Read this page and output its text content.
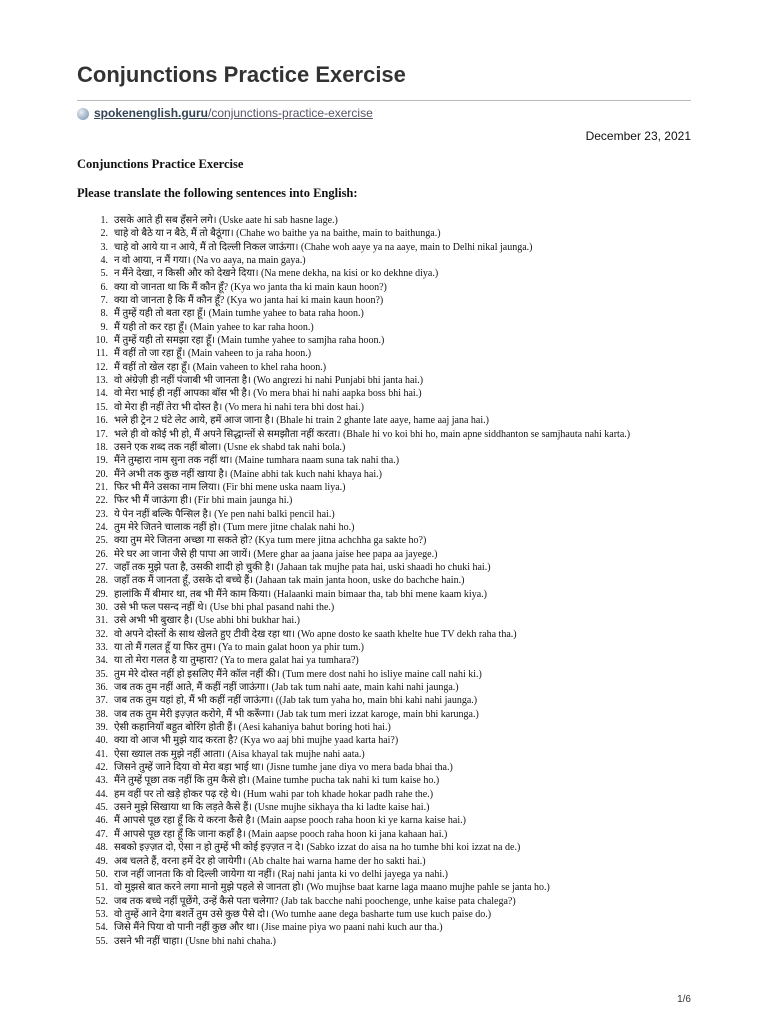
Conjunctions Practice Exercise
spokenenglish.guru /conjunctions-practice-exercise
December 23, 2021
Conjunctions Practice Exercise
Please translate the following sentences into English:
1. उसके आते ही सब हँसने लगे। (Uske aate hi sab hasne lage.)
2. चाहे वो बैठे या न बैठे, मैं तो बैठूंगा। (Chahe wo baithe ya na baithe, main to baithunga.)
3. चाहे वो आये या न आये, मैं तो दिल्ली निकल जाऊंगा। (Chahe woh aaye ya na aaye, main to Delhi nikal jaunga.)
4. न वो आया, न मैं गया। (Na vo aaya, na main gaya.)
5. न मैंने देखा, न किसी और को देखने दिया। (Na mene dekha, na kisi or ko dekhne diya.)
6. क्या वो जानता था कि मैं कौन हूँ? (Kya wo janta tha ki main kaun hoon?)
7. क्या वो जानता है कि मैं कौन हूँ? (Kya wo janta hai ki main kaun hoon?)
8. मैं तुम्हें यही तो बता रहा हूँ। (Main tumhe yahee to bata raha hoon.)
9. मैं यही तो कर रहा हूँ। (Main yahee to kar raha hoon.)
10. मैं तुम्हें यही तो समझा रहा हूँ। (Main tumhe yahee to samjha raha hoon.)
11. मैं वहीं तो जा रहा हूँ। (Main vaheen to ja raha hoon.)
12. मैं वहीं तो खेल रहा हूँ। (Main vaheen to khel raha hoon.)
13. वो अंग्रेज़ी ही नहीं पंजाबी भी जानता है। (Wo angrezi hi nahi Punjabi bhi janta hai.)
14. वो मेरा भाई ही नहीं आपका बॉस भी है। (Vo mera bhai hi nahi aapka boss bhi hai.)
15. वो मेरा ही नहीं तेरा भी दोस्त है। (Vo mera hi nahi tera bhi dost hai.)
16. भले ही ट्रेन 2 घंटे लेट आये, हमें आज जाना है। (Bhale hi train 2 ghante late aaye, hame aaj jana hai.)
17. भले ही वो कोई भी हो, मैं अपने सिद्धान्तों से समझौता नहीं करता। (Bhale hi vo koi bhi ho, main apne siddhanton se samjhauta nahi karta.)
18. उसने एक शब्द तक नहीं बोला। (Usne ek shabd tak nahi bola.)
19. मैंने तुम्हारा नाम सुना तक नहीं था। (Maine tumhara naam suna tak nahi tha.)
20. मैंने अभी तक कुछ नहीं खाया है। (Maine abhi tak kuch nahi khaya hai.)
21. फिर भी मैंने उसका नाम लिया। (Fir bhi mene uska naam liya.)
22. फिर भी मैं जाऊंगा ही। (Fir bhi main jaunga hi.)
23. ये पेन नहीं बल्कि पैन्सिल है। (Ye pen nahi balki pencil hai.)
24. तुम मेरे जितने चालाक नहीं हो। (Tum mere jitne chalak nahi ho.)
25. क्या तुम मेरे जितना अच्छा गा सकते हो? (Kya tum mere jitna achchha ga sakte ho?)
26. मेरे घर आ जाना जैसे ही पापा आ जायें। (Mere ghar aa jaana jaise hee papa aa jayege.)
27. जहाँ तक मुझे पता है, उसकी शादी हो चुकी है। (Jahaan tak mujhe pata hai, uski shaadi ho chuki hai.)
28. जहाँ तक मैं जानता हूँ, उसके दो बच्चे हैं। (Jahaan tak main janta hoon, uske do bachche hain.)
29. हालांकि मैं बीमार था, तब भी मैंने काम किया। (Halaanki main bimaar tha, tab bhi mene kaam kiya.)
30. उसे भी फल पसन्द नहीं थे। (Use bhi phal pasand nahi the.)
31. उसे अभी भी बुखार है। (Use abhi bhi bukhar hai.)
32. वो अपने दोस्तों के साथ खेलते हुए टीवी देख रहा था। (Wo apne dosto ke saath khelte hue TV dekh raha tha.)
33. या तो मैं गलत हूँ या फिर तुम। (Ya to main galat hoon ya phir tum.)
34. या तो मेरा गलत है या तुम्हारा? (Ya to mera galat hai ya tumhara?)
35. तुम मेरे दोस्त नहीं हो इसलिए मैंने कॉल नहीं की। (Tum mere dost nahi ho isliye maine call nahi ki.)
36. जब तक तुम नहीं आते, मैं कहीं नहीं जाऊंगा। (Jab tak tum nahi aate, main kahi nahi jaunga.)
37. जब तक तुम यहां हो, मैं भी कहीं नहीं जाऊंगा। ((Jab tak tum yaha ho, main bhi kahi nahi jaunga.)
38. जब तक तुम मेरी इज़्ज़त करोगे, मैं भी करूँगा। (Jab tak tum meri izzat karoge, main bhi karunga.)
39. ऐसी कहानियाँ बहुत बोरिंग होती हैं। (Aesi kahaniya bahut boring hoti hai.)
40. क्या वो आज भी मुझे याद करता है? (Kya wo aaj bhi mujhe yaad karta hai?)
41. ऐसा ख्याल तक मुझे नहीं आता। (Aisa khayal tak mujhe nahi aata.)
42. जिसने तुम्हें जाने दिया वो मेरा बड़ा भाई था। (Jisne tumhe jane diya vo mera bada bhai tha.)
43. मैंने तुम्हें पूछा तक नहीं कि तुम कैसे हो। (Maine tumhe pucha tak nahi ki tum kaise ho.)
44. हम वहीं पर तो खड़े होकर पढ़ रहे थे। (Hum wahi par toh khade hokar padh rahe the.)
45. उसने मुझे सिखाया था कि लड़ते कैसे हैं। (Usne mujhe sikhaya tha ki ladte kaise hai.)
46. मैं आपसे पूछ रहा हूँ कि ये करना कैसे है। (Main aapse pooch raha hoon ki ye karna kaise hai.)
47. मैं आपसे पूछ रहा हूँ कि जाना कहाँ है। (Main aapse pooch raha hoon ki jana kahaan hai.)
48. सबको इज़्ज़त दो, ऐसा न हो तुम्हें भी कोई इज़्ज़त न दे। (Sabko izzat do aisa na ho tumhe bhi koi izzat na de.)
49. अब चलते हैं, वरना हमें देर हो जायेगी। (Ab chalte hai warna hame der ho sakti hai.)
50. राज नहीं जानता कि वो दिल्ली जायेगा या नहीं। (Raj nahi janta ki vo delhi jayega ya nahi.)
51. वो मुझसे बात करने लगा मानो मुझे पहले से जानता हो। (Wo mujhse baat karne laga maano mujhe pahle se janta ho.)
52. जब तक बच्चे नहीं पूछेंगे, उन्हें कैसे पता चलेगा? (Jab tak bacche nahi poochenge, unhe kaise pata chalega?)
53. वो तुम्हें आने देगा बशर्ते तुम उसे कुछ पैसे दो। (Wo tumhe aane dega basharte tum use kuch paise do.)
54. जिसे मैंने पिया वो पानी नहीं कुछ और था। (Jise maine piya wo paani nahi kuch aur tha.)
55. उसने भी नहीं चाहा। (Usne bhi nahi chaha.)
1/6
